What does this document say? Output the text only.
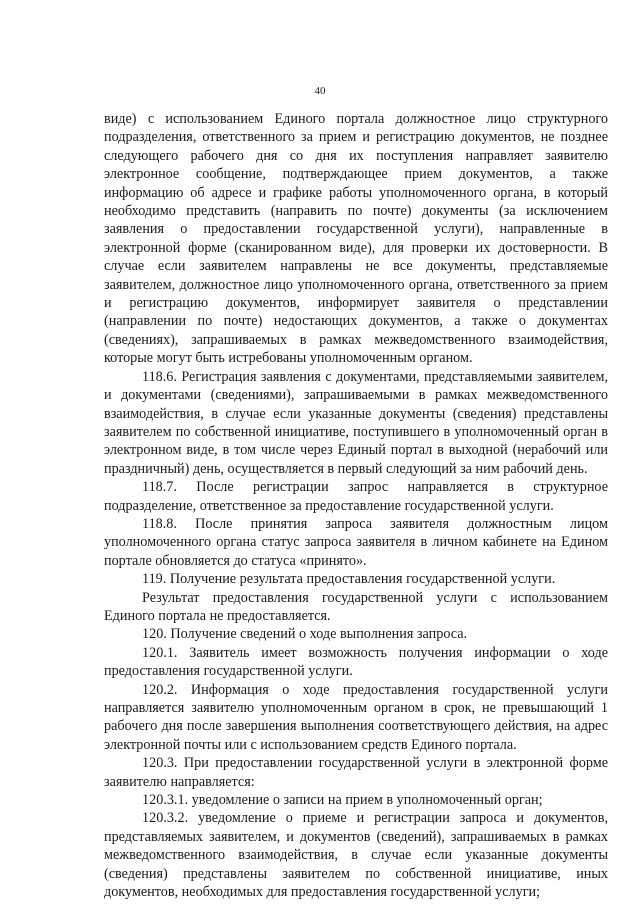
40

виде) с использованием Единого портала должностное лицо структурного подразделения, ответственного за прием и регистрацию документов, не позднее следующего рабочего дня со дня их поступления направляет заявителю электронное сообщение, подтверждающее прием документов, а также информацию об адресе и графике работы уполномоченного органа, в который необходимо представить (направить по почте) документы (за исключением заявления о предоставлении государственной услуги), направленные в электронной форме (сканированном виде), для проверки их достоверности. В случае если заявителем направлены не все документы, представляемые заявителем, должностное лицо уполномоченного органа, ответственного за прием и регистрацию документов, информирует заявителя о представлении (направлении по почте) недостающих документов, а также о документах (сведениях), запрашиваемых в рамках межведомственного взаимодействия, которые могут быть истребованы уполномоченным органом.

118.6. Регистрация заявления с документами, представляемыми заявителем, и документами (сведениями), запрашиваемыми в рамках межведомственного взаимодействия, в случае если указанные документы (сведения) представлены заявителем по собственной инициативе, поступившего в уполномоченный орган в электронном виде, в том числе через Единый портал в выходной (нерабочий или праздничный) день, осуществляется в первый следующий за ним рабочий день.

118.7. После регистрации запрос направляется в структурное подразделение, ответственное за предоставление государственной услуги.

118.8. После принятия запроса заявителя должностным лицом уполномоченного органа статус запроса заявителя в личном кабинете на Едином портале обновляется до статуса «принято».

119. Получение результата предоставления государственной услуги.

Результат предоставления государственной услуги с использованием Единого портала не предоставляется.

120. Получение сведений о ходе выполнения запроса.

120.1. Заявитель имеет возможность получения информации о ходе предоставления государственной услуги.

120.2. Информация о ходе предоставления государственной услуги направляется заявителю уполномоченным органом в срок, не превышающий 1 рабочего дня после завершения выполнения соответствующего действия, на адрес электронной почты или с использованием средств Единого портала.

120.3. При предоставлении государственной услуги в электронной форме заявителю направляется:

120.3.1. уведомление о записи на прием в уполномоченный орган;

120.3.2. уведомление о приеме и регистрации запроса и документов, представляемых заявителем, и документов (сведений), запрашиваемых в рамках межведомственного взаимодействия, в случае если указанные документы (сведения) представлены заявителем по собственной инициативе, иных документов, необходимых для предоставления государственной услуги;
